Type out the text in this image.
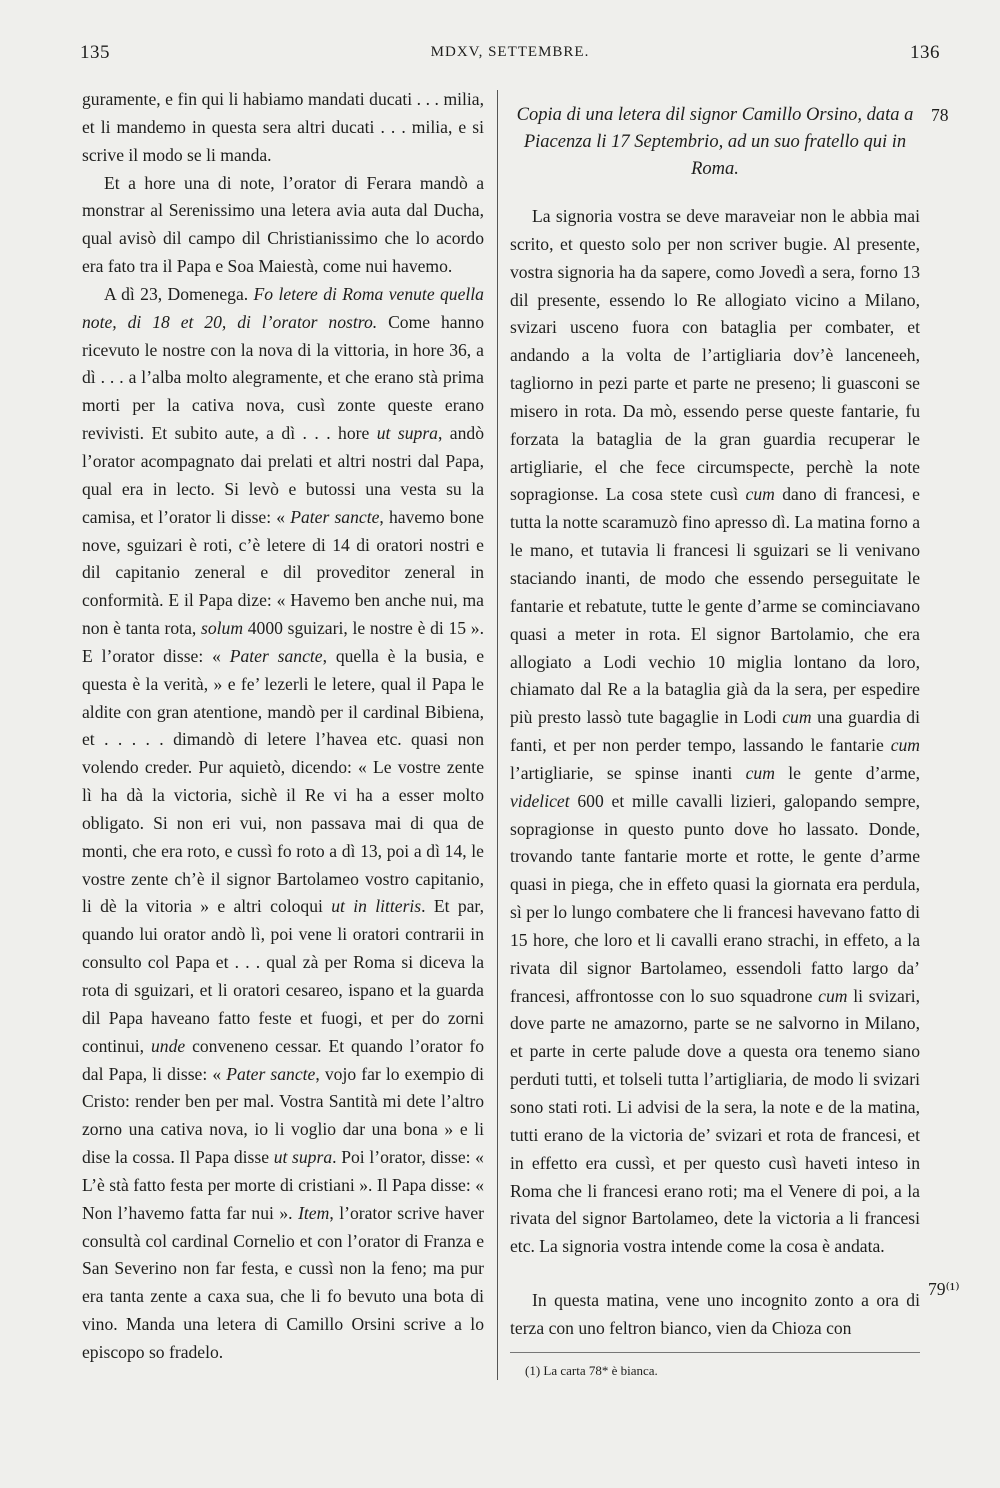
135	MDXV, SETTEMBRE.	136

guramente, e fin qui li habiamo mandati ducati . . . milia, et li mandemo in questa sera altri ducati . . . milia, e si scrive il modo se li manda.

Et a hore una di note, l’orator di Ferara mandò a monstrar al Serenissimo una letera avia auta dal Ducha, qual avisò dil campo dil Christianissimo che lo acordo era fato tra il Papa e Soa Maiestà, come nui havemo.

A dì 23, Domenega. Fo letere di Roma venute quella note, di 18 et 20, di l’orator nostro. Come hanno ricevuto le nostre con la nova di la vittoria, in hore 36, a dì . . . a l’alba molto alegramente, et che erano stà prima morti per la cativa nova, cusì zonte queste erano revivisti. Et subito aute, a dì . . . hore ut supra, andò l’orator acompagnato dai prelati et altri nostri dal Papa, qual era in lecto. Si levò e butossi una vesta su la camisa, et l’orator li disse: « Pater sancte, havemo bone nove, sguizari è roti, c’è letere di 14 di oratori nostri e dil capitanio zeneral e dil proveditor zeneral in conformità. E il Papa dize: « Havemo ben anche nui, ma non è tanta rota, solum 4000 sguizari, le nostre è di 15 ». E l’orator disse: « Pater sancte, quella è la busia, e questa è la verità, » e fe’ lezerli le letere, qual il Papa le aldite con gran atentione, mandò per il cardinal Bibiena, et . . . . . dimandò di letere l’havea etc. quasi non volendo creder. Pur aquietò, dicendo: « Le vostre zente lì ha dà la victoria, sichè il Re vi ha a esser molto obligato. Si non eri vui, non passava mai di qua de monti, che era roto, e cussì fo roto a dì 13, poi a dì 14, le vostre zente ch’è il signor Bartolameo vostro capitanio, li dè la vitoria » e altri coloqui ut in litteris. Et par, quando lui orator andò lì, poi vene li oratori contrarii in consulto col Papa et . . . qual zà per Roma si diceva la rota di sguizari, et li oratori cesareo, ispano et la guarda dil Papa haveano fatto feste et fuogi, et per do zorni continui, unde conveneno cessar. Et quando l’orator fo dal Papa, li disse: « Pater sancte, vojo far lo exempio di Cristo: render ben per mal. Vostra Santità mi dete l’altro zorno una cativa nova, io li voglio dar una bona » e li dise la cossa. Il Papa disse ut supra. Poi l’orator, disse: « L’è stà fatto festa per morte di cristiani ». Il Papa disse: « Non l’havemo fatta far nui ». Item, l’orator scrive haver consultà col cardinal Cornelio et con l’orator di Franza e San Severino non far festa, e cussì non la feno; ma pur era tanta zente a caxa sua, che li fo bevuto una bota di vino. Manda una letera di Camillo Orsini scrive a lo episcopo so fradelo.

Copia di una letera dil signor Camillo Orsino, data a Piacenza li 17 Septembrio, ad un suo fratello qui in Roma.

La signoria vostra se deve maraveiar non le abbia mai scrito, et questo solo per non scriver bugie. Al presente, vostra signoria ha da sapere, como Jovedì a sera, forno 13 dil presente, essendo lo Re allogiato vicino a Milano, svizari usceno fuora con bataglia per combater, et andando a la volta de l’artigliaria dov’è lanceneeh, tagliorno in pezi parte et parte ne preseno; li guasconi se misero in rota. Da mò, essendo perse queste fantarie, fu forzata la bataglia de la gran guardia recuperar le artigliarie, el che fece circumspecte, perchè la note sopragionse. La cosa stete cusì cum dano di francesi, e tutta la notte scaramuzò fino apresso dì. La matina forno a le mano, et tutavia li francesi li sguizari se li venivano staciando inanti, de modo che essendo perseguitate le fantarie et rebatute, tutte le gente d’arme se cominciavano quasi a meter in rota. El signor Bartolamio, che era allogiato a Lodi vechio 10 miglia lontano da loro, chiamato dal Re a la bataglia già da la sera, per espedire più presto lassò tute bagaglie in Lodi cum una guardia di fanti, et per non perder tempo, lassando le fantarie cum l’artigliarie, se spinse inanti cum le gente d’arme, videlicet 600 et mille cavalli lizieri, galopando sempre, sopragionse in questo punto dove ho lassato. Donde, trovando tante fantarie morte et rotte, le gente d’arme quasi in piega, che in effeto quasi la giornata era perdula, sì per lo lungo combatere che li francesi havevano fatto di 15 hore, che loro et li cavalli erano strachi, in effeto, a la rivata dil signor Bartolameo, essendoli fatto largo da’ francesi, affrontosse con lo suo squadrone cum li svizari, dove parte ne amazorno, parte se ne salvorno in Milano, et parte in certe palude dove a questa ora tenemo siano perduti tutti, et tolseli tutta l’artigliaria, de modo li svizari sono stati roti. Li advisi de la sera, la note e de la matina, tutti erano de la victoria de’ svizari et rota de francesi, et in effetto era cussì, et per questo cusì haveti inteso in Roma che li francesi erano roti; ma el Venere di poi, a la rivata del signor Bartolameo, dete la victoria a li francesi etc. La signoria vostra intende come la cosa è andata.

In questa matina, vene uno incognito zonto a ora di terza con uno feltron bianco, vien da Chioza con

78
79⁽¹⁾
(1) La carta 78* è bianca.
